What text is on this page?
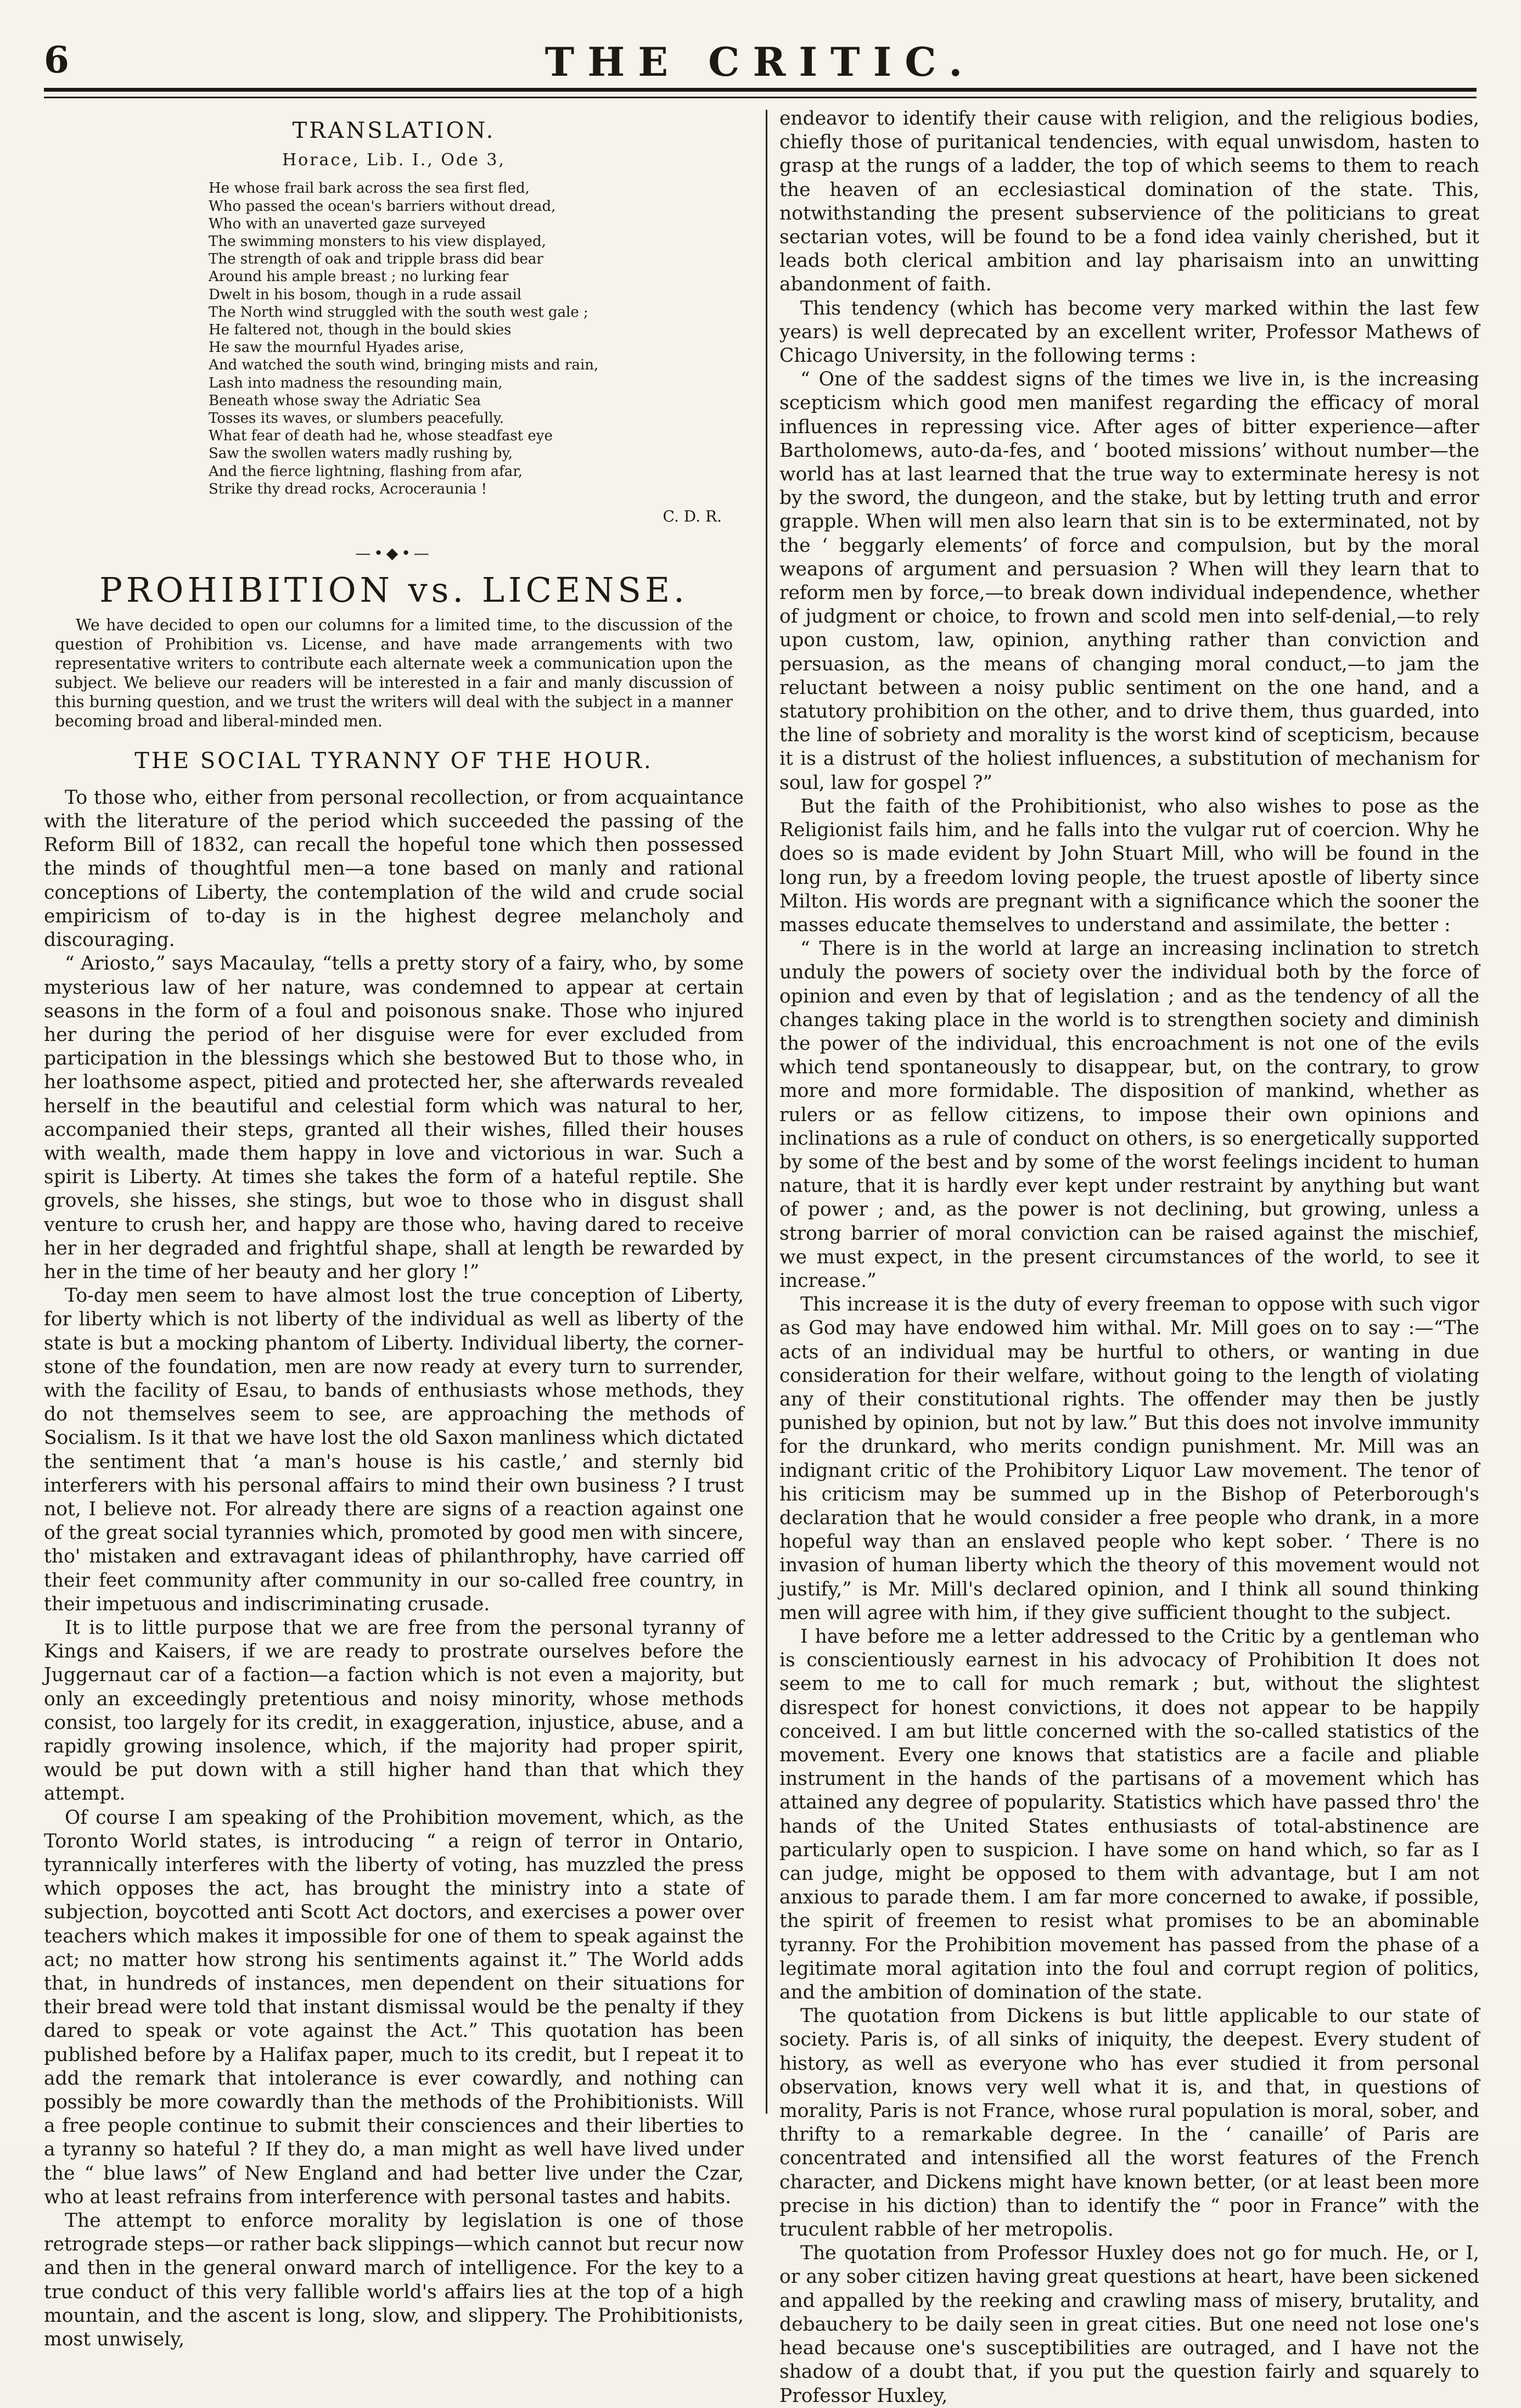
6	THE CRITIC.
TRANSLATION.
Horace, Lib. I., Ode 3,
He whose frail bark across the sea first fled,
Who passed the ocean's barriers without dread,
Who with an unaverted gaze surveyed
The swimming monsters to his view displayed,
The strength of oak and tripple brass did bear
Around his ample breast ; no lurking fear
Dwelt in his bosom, though in a rude assail
The North wind struggled with the south west gale ;
He faltered not, though in the bould skies
He saw the mournful Hyades arise,
And watched the south wind, bringing mists and rain,
Lash into madness the resounding main,
Beneath whose sway the Adriatic Sea
Tosses its waves, or slumbers peacefully.
What fear of death had he, whose steadfast eye
Saw the swollen waters madly rushing by,
And the fierce lightning, flashing from afar,
Strike thy dread rocks, Acroceraunia !
C. D. R.
—•◆•—
PROHIBITION vs. LICENSE.
We have decided to open our columns for a limited time, to the discussion of the question of Prohibition vs. License, and have made arrangements with two representative writers to contribute each alternate week a communication upon the subject. We believe our readers will be interested in a fair and manly discussion of this burning question, and we trust the writers will deal with the subject in a manner becoming broad and liberal-minded men.
THE SOCIAL TYRANNY OF THE HOUR.

To those who, either from personal recollection, or from acquaintance with the literature of the period which succeeded the passing of the Reform Bill of 1832, can recall the hopeful tone which then possessed the minds of thoughtful men—a tone based on manly and rational conceptions of Liberty, the contemplation of the wild and crude social empiricism of to-day is in the highest degree melancholy and discouraging.

“ Ariosto,” says Macaulay, “tells a pretty story of a fairy, who, by some mysterious law of her nature, was condemned to appear at certain seasons in the form of a foul and poisonous snake. Those who injured her during the period of her disguise were for ever excluded from participation in the blessings which she bestowed But to those who, in her loathsome aspect, pitied and protected her, she afterwards revealed herself in the beautiful and celestial form which was natural to her, accompanied their steps, granted all their wishes, filled their houses with wealth, made them happy in love and victorious in war. Such a spirit is Liberty. At times she takes the form of a hateful reptile. She grovels, she hisses, she stings, but woe to those who in disgust shall venture to crush her, and happy are those who, having dared to receive her in her degraded and frightful shape, shall at length be rewarded by her in the time of her beauty and her glory !”

To-day men seem to have almost lost the true conception of Liberty, for liberty which is not liberty of the individual as well as liberty of the state is but a mocking phantom of Liberty. Individual liberty, the corner-stone of the foundation, men are now ready at every turn to surrender, with the facility of Esau, to bands of enthusiasts whose methods, they do not themselves seem to see, are approaching the methods of Socialism. Is it that we have lost the old Saxon manliness which dictated the sentiment that ‘a man's house is his castle,’ and sternly bid interferers with his personal affairs to mind their own business ? I trust not, I believe not. For already there are signs of a reaction against one of the great social tyrannies which, promoted by good men with sincere, tho' mistaken and extravagant ideas of philanthrophy, have carried off their feet community after community in our so-called free country, in their impetuous and indiscriminating crusade.

It is to little purpose that we are free from the personal tyranny of Kings and Kaisers, if we are ready to prostrate ourselves before the Juggernaut car of a faction—a faction which is not even a majority, but only an exceedingly pretentious and noisy minority, whose methods consist, too largely for its credit, in exaggeration, injustice, abuse, and a rapidly growing insolence, which, if the majority had proper spirit, would be put down with a still higher hand than that which they attempt.

Of course I am speaking of the Prohibition movement, which, as the Toronto World states, is introducing “ a reign of terror in Ontario, tyrannically interferes with the liberty of voting, has muzzled the press which opposes the act, has brought the ministry into a state of subjection, boycotted anti Scott Act doctors, and exercises a power over teachers which makes it impossible for one of them to speak against the act; no matter how strong his sentiments against it.” The World adds that, in hundreds of instances, men dependent on their situations for their bread were told that instant dismissal would be the penalty if they dared to speak or vote against the Act.” This quotation has been published before by a Halifax paper, much to its credit, but I repeat it to add the remark that intolerance is ever cowardly, and nothing can possibly be more cowardly than the methods of the Prohibitionists. Will a free people continue to submit their consciences and their liberties to a tyranny so hateful ? If they do, a man might as well have lived under the “ blue laws” of New England and had better live under the Czar, who at least refrains from interference with personal tastes and habits.

The attempt to enforce morality by legislation is one of those retrograde steps—or rather back slippings—which cannot but recur now and then in the general onward march of intelligence. For the key to a true conduct of this very fallible world's affairs lies at the top of a high mountain, and the ascent is long, slow, and slippery. The Prohibitionists, most unwisely,

endeavor to identify their cause with religion, and the religious bodies, chiefly those of puritanical tendencies, with equal unwisdom, hasten to grasp at the rungs of a ladder, the top of which seems to them to reach the heaven of an ecclesiastical domination of the state. This, notwithstanding the present subservience of the politicians to great sectarian votes, will be found to be a fond idea vainly cherished, but it leads both clerical ambition and lay pharisaism into an unwitting abandonment of faith.

This tendency (which has become very marked within the last few years) is well deprecated by an excellent writer, Professor Mathews of Chicago University, in the following terms :

“ One of the saddest signs of the times we live in, is the increasing scepticism which good men manifest regarding the efficacy of moral influences in repressing vice. After ages of bitter experience—after Bartholomews, auto-da-fes, and ‘ booted missions’ without number—the world has at last learned that the true way to exterminate heresy is not by the sword, the dungeon, and the stake, but by letting truth and error grapple. When will men also learn that sin is to be exterminated, not by the ‘ beggarly elements’ of force and compulsion, but by the moral weapons of argument and persuasion ? When will they learn that to reform men by force,—to break down individual independence, whether of judgment or choice, to frown and scold men into self-denial,—to rely upon custom, law, opinion, anything rather than conviction and persuasion, as the means of changing moral conduct,—to jam the reluctant between a noisy public sentiment on the one hand, and a statutory prohibition on the other, and to drive them, thus guarded, into the line of sobriety and morality is the worst kind of scepticism, because it is a distrust of the holiest influences, a substitution of mechanism for soul, law for gospel ?”

But the faith of the Prohibitionist, who also wishes to pose as the Religionist fails him, and he falls into the vulgar rut of coercion. Why he does so is made evident by John Stuart Mill, who will be found in the long run, by a freedom loving people, the truest apostle of liberty since Milton. His words are pregnant with a significance which the sooner the masses educate themselves to understand and assimilate, the better :

“ There is in the world at large an increasing inclination to stretch unduly the powers of society over the individual both by the force of opinion and even by that of legislation ; and as the tendency of all the changes taking place in the world is to strengthen society and diminish the power of the individual, this encroachment is not one of the evils which tend spontaneously to disappear, but, on the contrary, to grow more and more formidable. The disposition of mankind, whether as rulers or as fellow citizens, to impose their own opinions and inclinations as a rule of conduct on others, is so energetically supported by some of the best and by some of the worst feelings incident to human nature, that it is hardly ever kept under restraint by anything but want of power ; and, as the power is not declining, but growing, unless a strong barrier of moral conviction can be raised against the mischief, we must expect, in the present circumstances of the world, to see it increase.”

This increase it is the duty of every freeman to oppose with such vigor as God may have endowed him withal. Mr. Mill goes on to say :—“The acts of an individual may be hurtful to others, or wanting in due consideration for their welfare, without going to the length of violating any of their constitutional rights. The offender may then be justly punished by opinion, but not by law.” But this does not involve immunity for the drunkard, who merits condign punishment. Mr. Mill was an indignant critic of the Prohibitory Liquor Law movement. The tenor of his criticism may be summed up in the Bishop of Peterborough's declaration that he would consider a free people who drank, in a more hopeful way than an enslaved people who kept sober. ‘ There is no invasion of human liberty which the theory of this movement would not justify,” is Mr. Mill's declared opinion, and I think all sound thinking men will agree with him, if they give sufficient thought to the subject.

I have before me a letter addressed to the Critic by a gentleman who is conscientiously earnest in his advocacy of Prohibition It does not seem to me to call for much remark ; but, without the slightest disrespect for honest convictions, it does not appear to be happily conceived. I am but little concerned with the so-called statistics of the movement. Every one knows that statistics are a facile and pliable instrument in the hands of the partisans of a movement which has attained any degree of popularity. Statistics which have passed thro' the hands of the United States enthusiasts of total-abstinence are particularly open to suspicion. I have some on hand which, so far as I can judge, might be opposed to them with advantage, but I am not anxious to parade them. I am far more concerned to awake, if possible, the spirit of freemen to resist what promises to be an abominable tyranny. For the Prohibition movement has passed from the phase of a legitimate moral agitation into the foul and corrupt region of politics, and the ambition of domination of the state.

The quotation from Dickens is but little applicable to our state of society. Paris is, of all sinks of iniquity, the deepest. Every student of history, as well as everyone who has ever studied it from personal observation, knows very well what it is, and that, in questions of morality, Paris is not France, whose rural population is moral, sober, and thrifty to a remarkable degree. In the ‘ canaille’ of Paris are concentrated and intensified all the worst features of the French character, and Dickens might have known better, (or at least been more precise in his diction) than to identify the “ poor in France” with the truculent rabble of her metropolis.

The quotation from Professor Huxley does not go for much. He, or I, or any sober citizen having great questions at heart, have been sickened and appalled by the reeking and crawling mass of misery, brutality, and debauchery to be daily seen in great cities. But one need not lose one's head because one's susceptibilities are outraged, and I have not the shadow of a doubt that, if you put the question fairly and squarely to Professor Huxley,
